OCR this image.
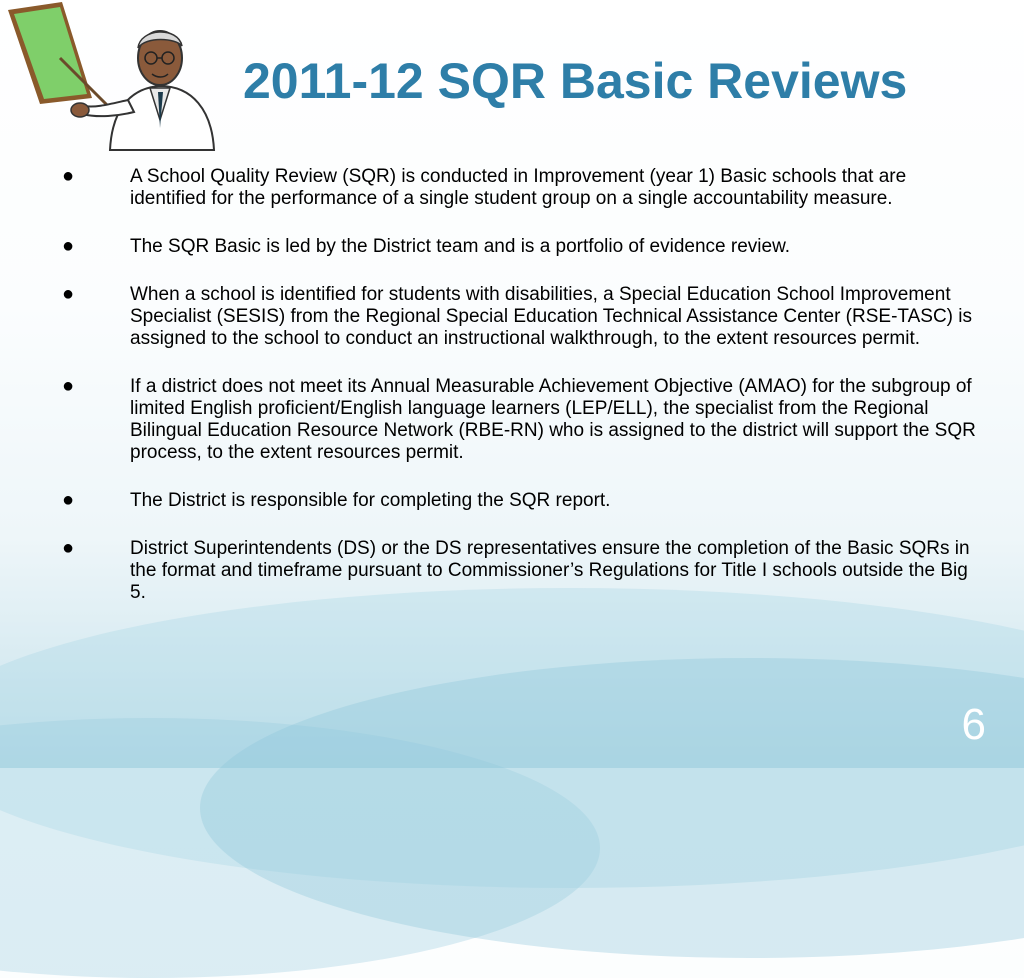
2011-12 SQR Basic Reviews
●	A School Quality Review (SQR) is conducted in Improvement (year 1) Basic schools that are identified for the performance of a single student group on a single accountability measure.
●	The SQR Basic is led by the District team and is a portfolio of evidence review.
●	When a school is identified for students with disabilities, a Special Education School Improvement Specialist (SESIS) from the Regional Special Education Technical Assistance Center (RSE-TASC) is assigned to the school to conduct an instructional walkthrough, to the extent resources permit.
●	If a district does not meet its Annual Measurable Achievement Objective (AMAO) for the subgroup of limited English proficient/English language learners (LEP/ELL), the specialist from the Regional Bilingual Education Resource Network (RBE-RN) who is assigned to the district will support the SQR process, to the extent resources permit.
●	The District is responsible for completing the SQR report.
●	District Superintendents (DS) or the DS representatives ensure the completion of the Basic SQRs in the format and timeframe pursuant to Commissioner’s Regulations for Title I schools outside the Big 5.
6
